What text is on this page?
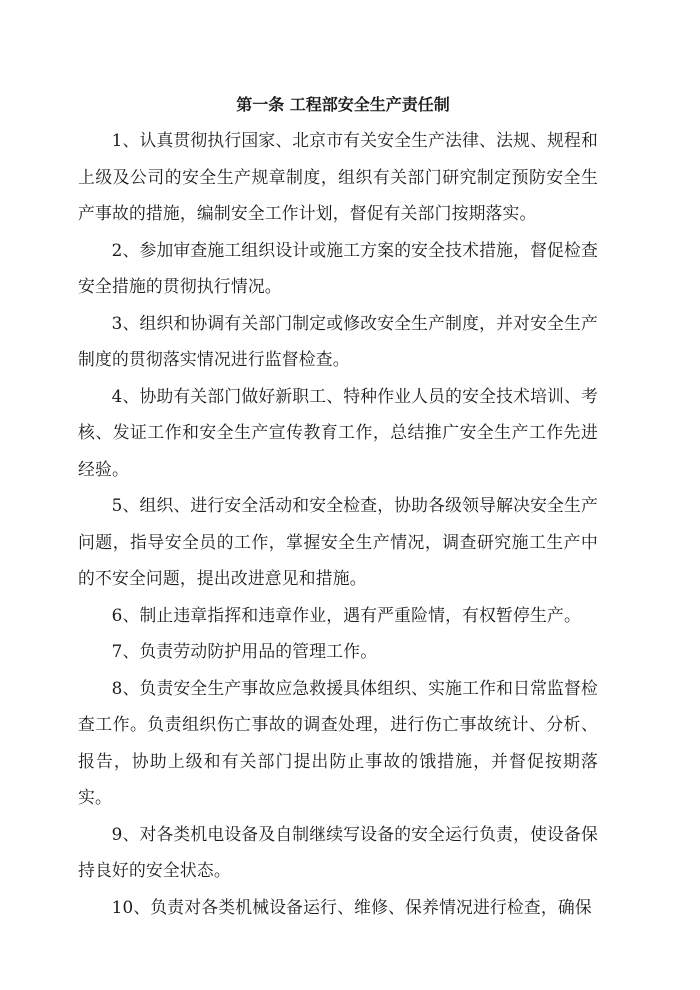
第一条 工程部安全生产责任制

1、认真贯彻执行国家、北京市有关安全生产法律、法规、规程和上级及公司的安全生产规章制度，组织有关部门研究制定预防安全生产事故的措施，编制安全工作计划，督促有关部门按期落实。

2、参加审查施工组织设计或施工方案的安全技术措施，督促检查安全措施的贯彻执行情况。

3、组织和协调有关部门制定或修改安全生产制度，并对安全生产制度的贯彻落实情况进行监督检查。

4、协助有关部门做好新职工、特种作业人员的安全技术培训、考核、发证工作和安全生产宣传教育工作，总结推广安全生产工作先进经验。

5、组织、进行安全活动和安全检查，协助各级领导解决安全生产问题，指导安全员的工作，掌握安全生产情况，调查研究施工生产中的不安全问题，提出改进意见和措施。

6、制止违章指挥和违章作业，遇有严重险情，有权暂停生产。

7、负责劳动防护用品的管理工作。

8、负责安全生产事故应急救援具体组织、实施工作和日常监督检查工作。负责组织伤亡事故的调查处理，进行伤亡事故统计、分析、报告，协助上级和有关部门提出防止事故的饿措施，并督促按期落实。

9、对各类机电设备及自制继续写设备的安全运行负责，使设备保持良好的安全状态。

10、负责对各类机械设备运行、维修、保养情况进行检查，确保
